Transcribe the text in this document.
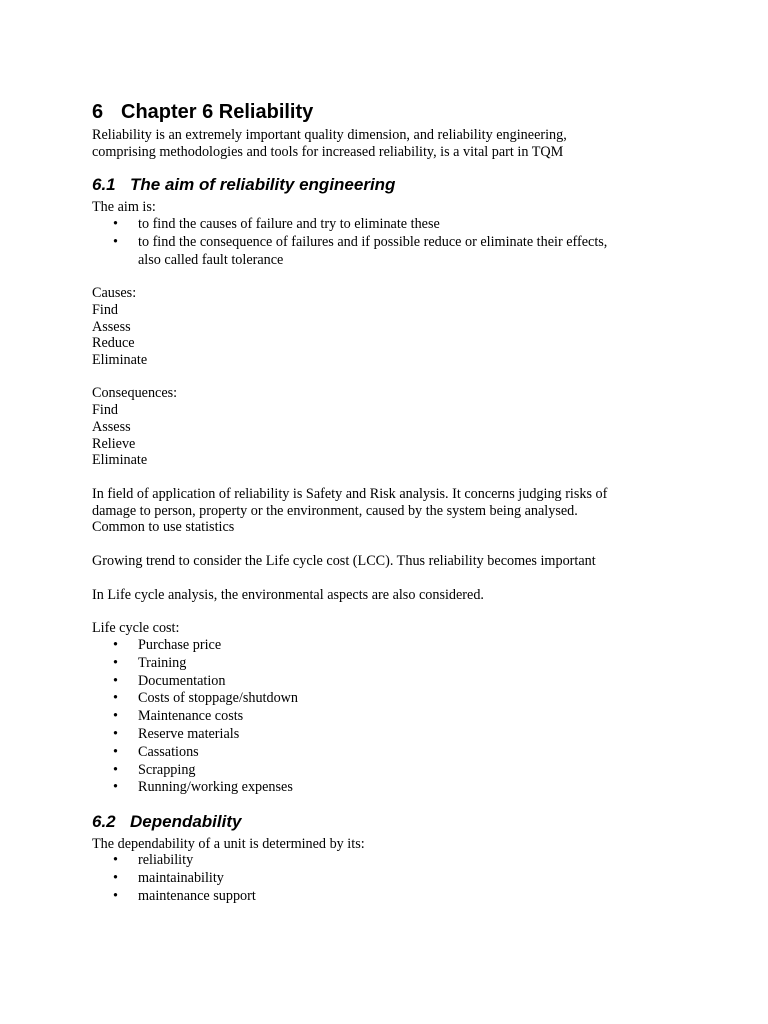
6 Chapter 6 Reliability
Reliability is an extremely important quality dimension, and reliability engineering,
comprising methodologies and tools for increased reliability, is a vital part in TQM
6.1 The aim of reliability engineering
The aim is:
• to find the causes of failure and try to eliminate these
• to find the consequence of failures and if possible reduce or eliminate their effects,
also called fault tolerance
Causes:
Find
Assess
Reduce
Eliminate
Consequences:
Find
Assess
Relieve
Eliminate
In field of application of reliability is Safety and Risk analysis. It concerns judging risks of
damage to person, property or the environment, caused by the system being analysed.
Common to use statistics
Growing trend to consider the Life cycle cost (LCC). Thus reliability becomes important
In Life cycle analysis, the environmental aspects are also considered.
Life cycle cost:
• Purchase price
• Training
• Documentation
• Costs of stoppage/shutdown
• Maintenance costs
• Reserve materials
• Cassations
• Scrapping
• Running/working expenses
6.2 Dependability
The dependability of a unit is determined by its:
• reliability
• maintainability
• maintenance support
